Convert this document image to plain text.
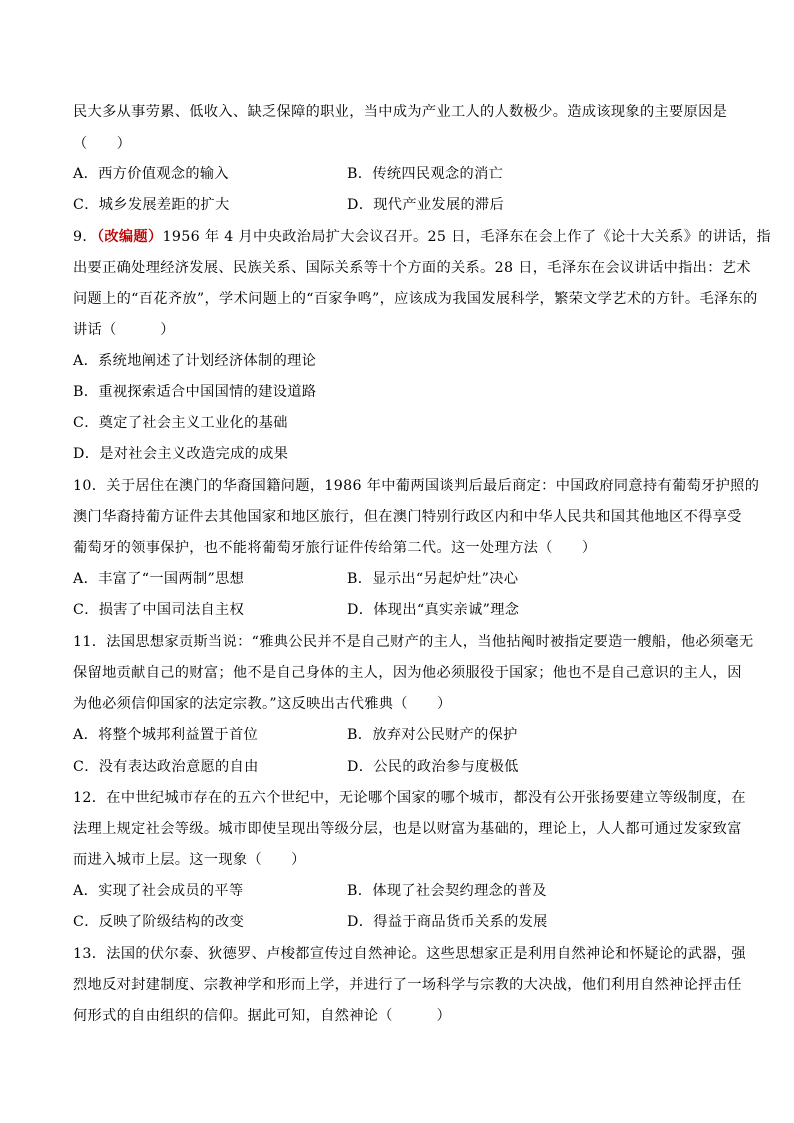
民大多从事劳累、低收入、缺乏保障的职业，当中成为产业工人的人数极少。造成该现象的主要原因是
（　　）
A．西方价值观念的输入	B．传统四民观念的消亡
C．城乡发展差距的扩大	D．现代产业发展的滞后
9．（改编题）1956 年 4 月中央政治局扩大会议召开。25 日，毛泽东在会上作了《论十大关系》的讲话，指
出要正确处理经济发展、民族关系、国际关系等十个方面的关系。28 日，毛泽东在会议讲话中指出：艺术
问题上的“百花齐放”，学术问题上的“百家争鸣”，应该成为我国发展科学，繁荣文学艺术的方针。毛泽东的
讲话（　　　）
A．系统地阐述了计划经济体制的理论
B．重视探索适合中国国情的建设道路
C．奠定了社会主义工业化的基础
D．是对社会主义改造完成的成果
10．关于居住在澳门的华裔国籍问题，1986 年中葡两国谈判后最后商定：中国政府同意持有葡萄牙护照的
澳门华裔持葡方证件去其他国家和地区旅行，但在澳门特别行政区内和中华人民共和国其他地区不得享受
葡萄牙的领事保护，也不能将葡萄牙旅行证件传给第二代。这一处理方法（　　）
A．丰富了“一国两制”思想	B．显示出“另起炉灶”决心
C．损害了中国司法自主权	D．体现出“真实亲诚”理念
11．法国思想家贡斯当说：“雅典公民并不是自己财产的主人，当他拈阄时被指定要造一艘船，他必须毫无
保留地贡献自己的财富；他不是自己身体的主人，因为他必须服役于国家；他也不是自己意识的主人，因
为他必须信仰国家的法定宗教。”这反映出古代雅典（　　）
A．将整个城邦利益置于首位	B．放弃对公民财产的保护
C．没有表达政治意愿的自由	D．公民的政治参与度极低
12．在中世纪城市存在的五六个世纪中，无论哪个国家的哪个城市，都没有公开张扬要建立等级制度，在
法理上规定社会等级。城市即使呈现出等级分层，也是以财富为基础的，理论上，人人都可通过发家致富
而进入城市上层。这一现象（　　）
A．实现了社会成员的平等	B．体现了社会契约理念的普及
C．反映了阶级结构的改变	D．得益于商品货币关系的发展
13．法国的伏尔泰、狄德罗、卢梭都宣传过自然神论。这些思想家正是利用自然神论和怀疑论的武器，强
烈地反对封建制度、宗教神学和形而上学，并进行了一场科学与宗教的大决战，他们利用自然神论抨击任
何形式的自由组织的信仰。据此可知，自然神论（　　　）
